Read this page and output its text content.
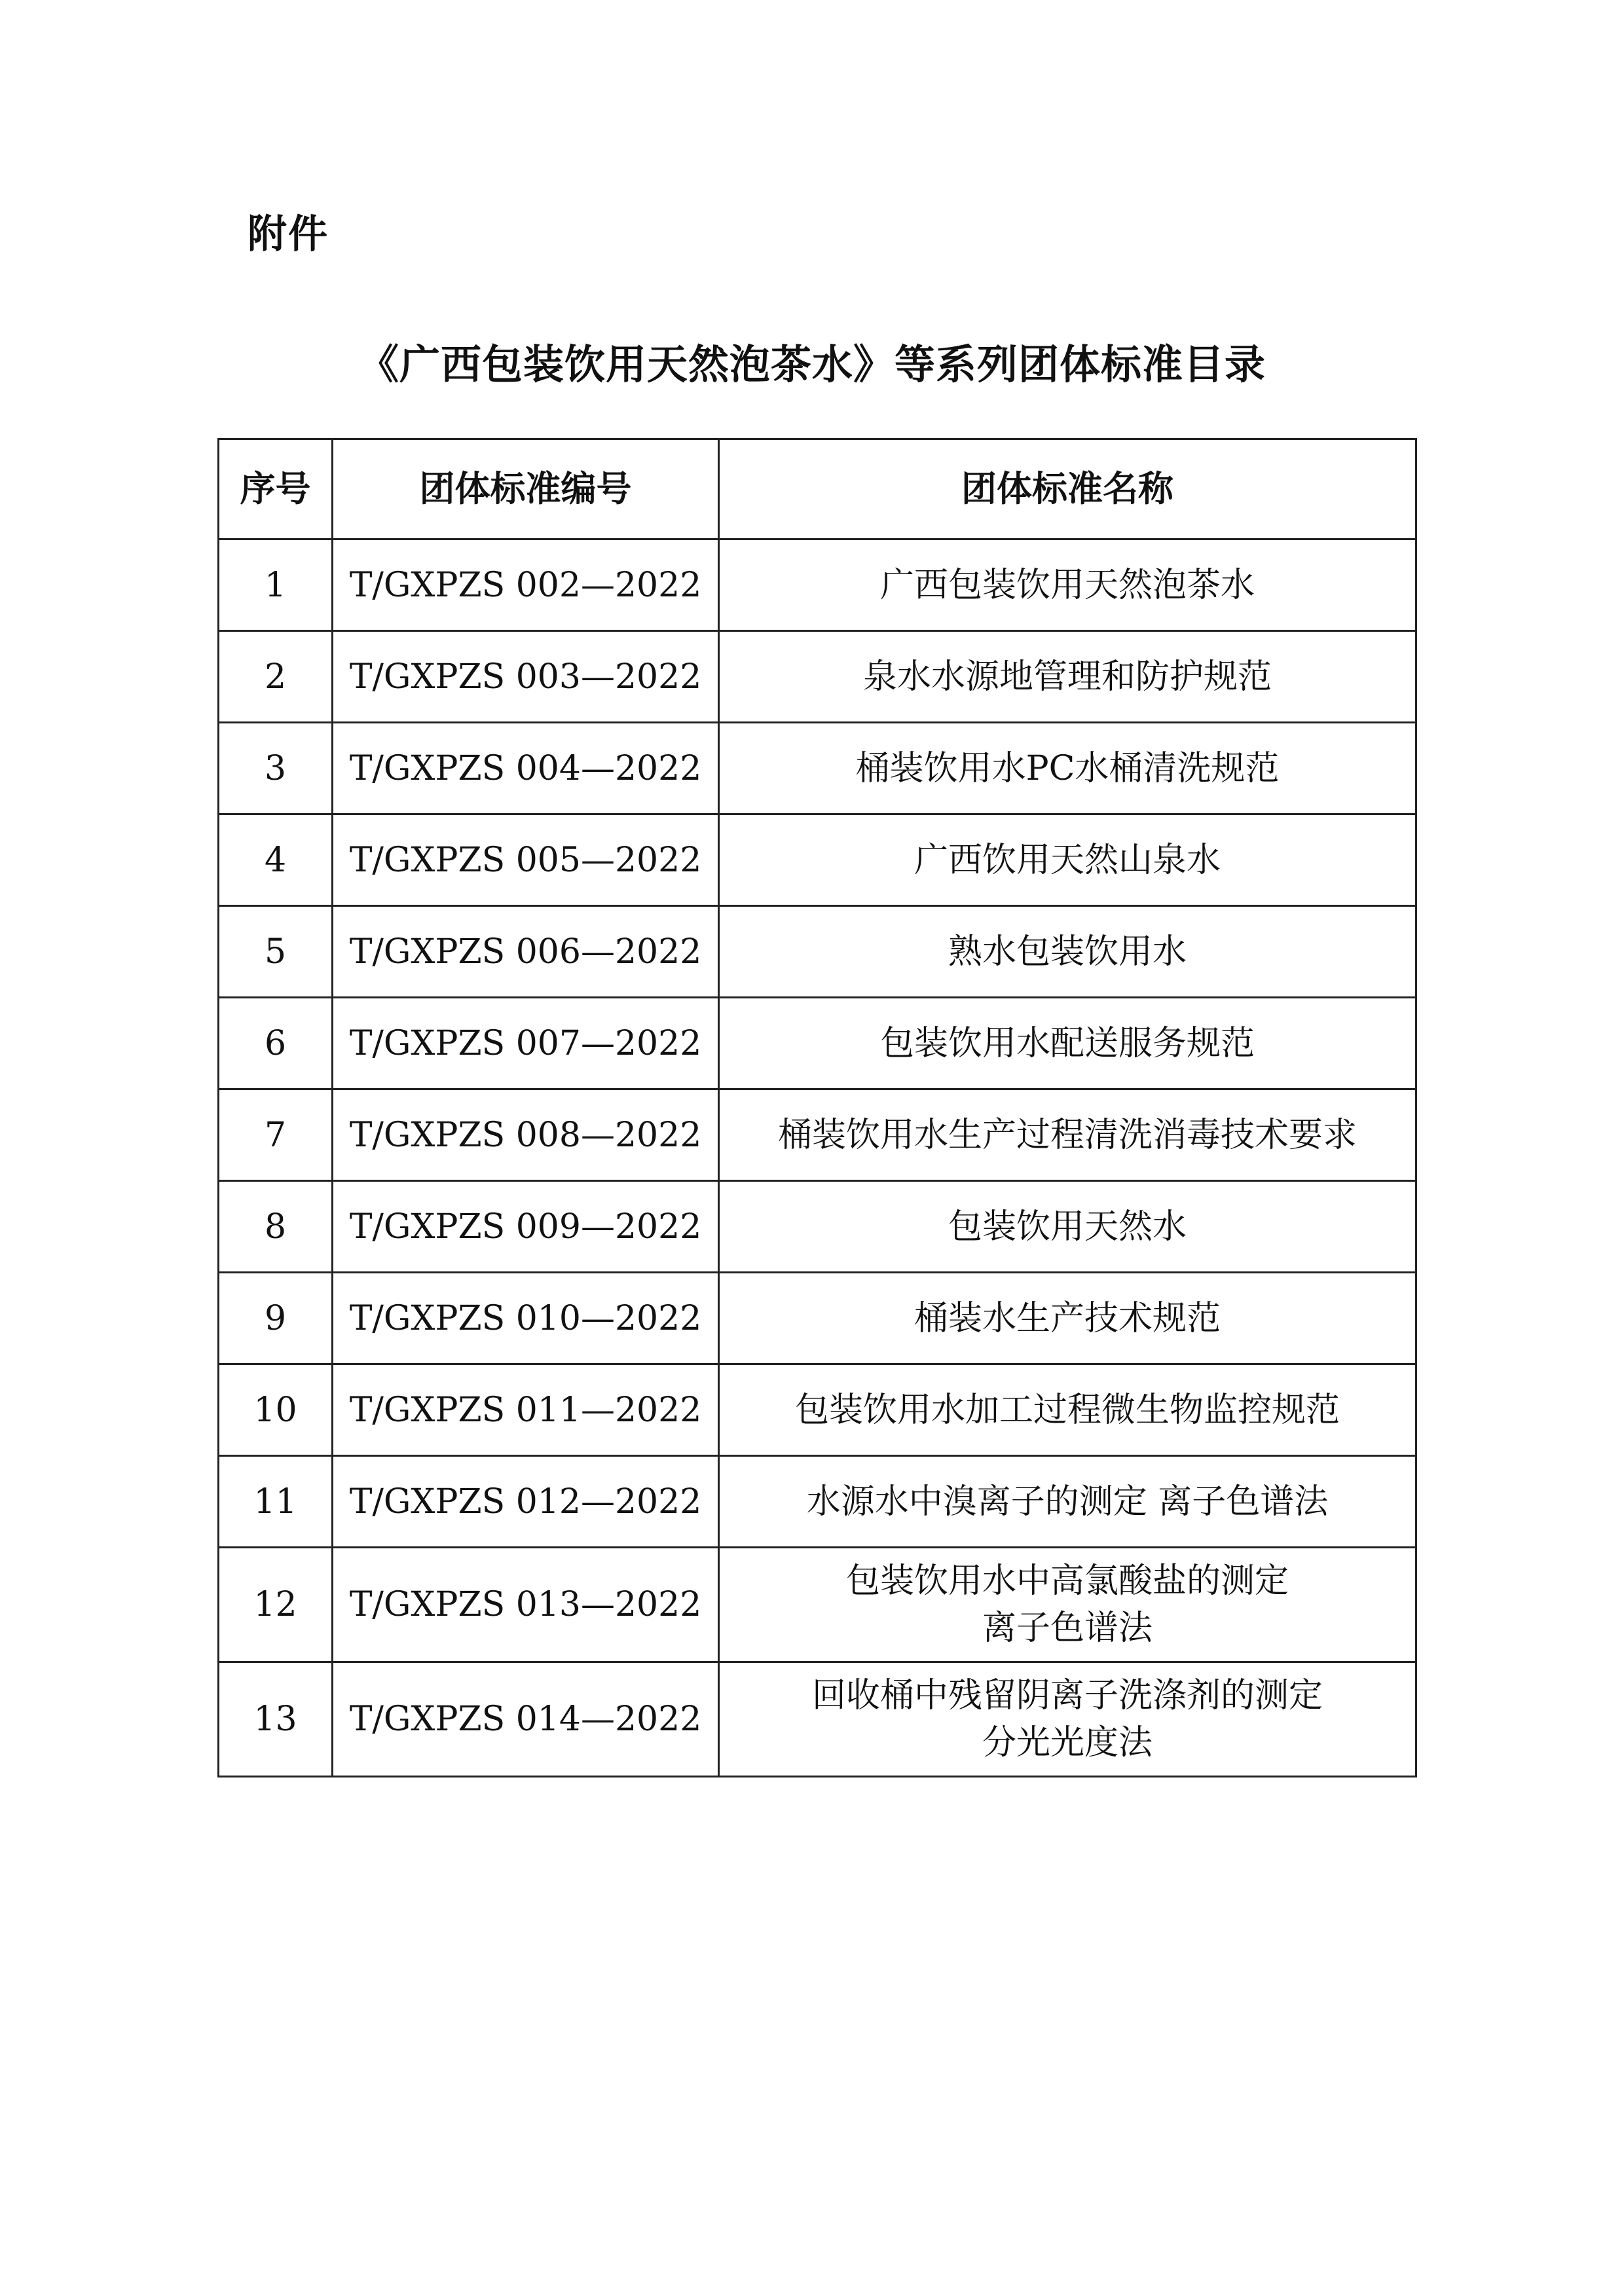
附件
《广西包装饮用天然泡茶水》等系列团体标准目录
序号	团体标准编号	团体标准名称
1	T/GXPZS 002—2022	广西包装饮用天然泡茶水

2	T/GXPZS 003—2022	泉水水源地管理和防护规范

3	T/GXPZS 004—2022	桶装饮用水PC水桶清洗规范

4	T/GXPZS 005—2022	广西饮用天然山泉水

5	T/GXPZS 006—2022	熟水包装饮用水

6	T/GXPZS 007—2022	包装饮用水配送服务规范

7	T/GXPZS 008—2022	桶装饮用水生产过程清洗消毒技术要求

8	T/GXPZS 009—2022	包装饮用天然水

9	T/GXPZS 010—2022	桶装水生产技术规范

10	T/GXPZS 011—2022	包装饮用水加工过程微生物监控规范

11	T/GXPZS 012—2022	水源水中溴离子的测定 离子色谱法

12	T/GXPZS 013—2022	包装饮用水中高氯酸盐的测定
离子色谱法

13	T/GXPZS 014—2022	回收桶中残留阴离子洗涤剂的测定
分光光度法
